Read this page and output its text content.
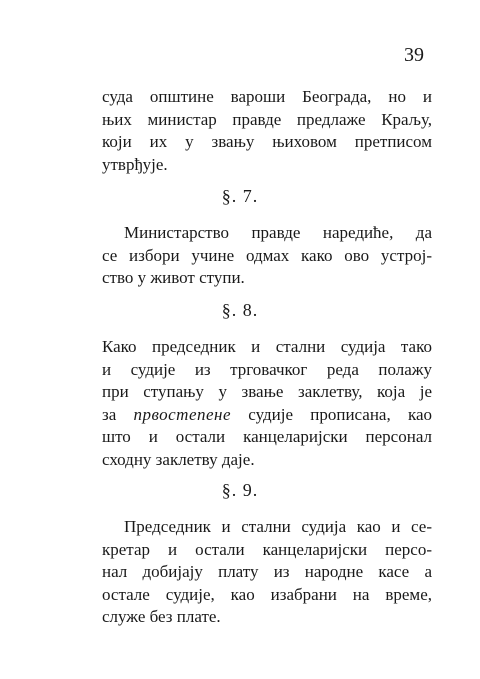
39
суда општине вароши Београда, но и
њих министар правде предлаже Краљу,
који их у звању њиховом претписом
утврђује.
§. 7.
Министарство правде наредиће, да
се избори учине одмах како ово устрој-
ство у живот ступи.
§. 8.
Како председник и стални судија тако
и судије из трговачког реда полажу
при ступању у звање заклетву, која је
за првостепене судије прописана, као
што и остали канцеларијски персонал
сходну заклетву даје.
§. 9.
Председник и стални судија као и се-
кретар и остали канцеларијски персо-
нал добијају плату из народне касе а
остале судије, као изабрани на време,
служе без плате.
